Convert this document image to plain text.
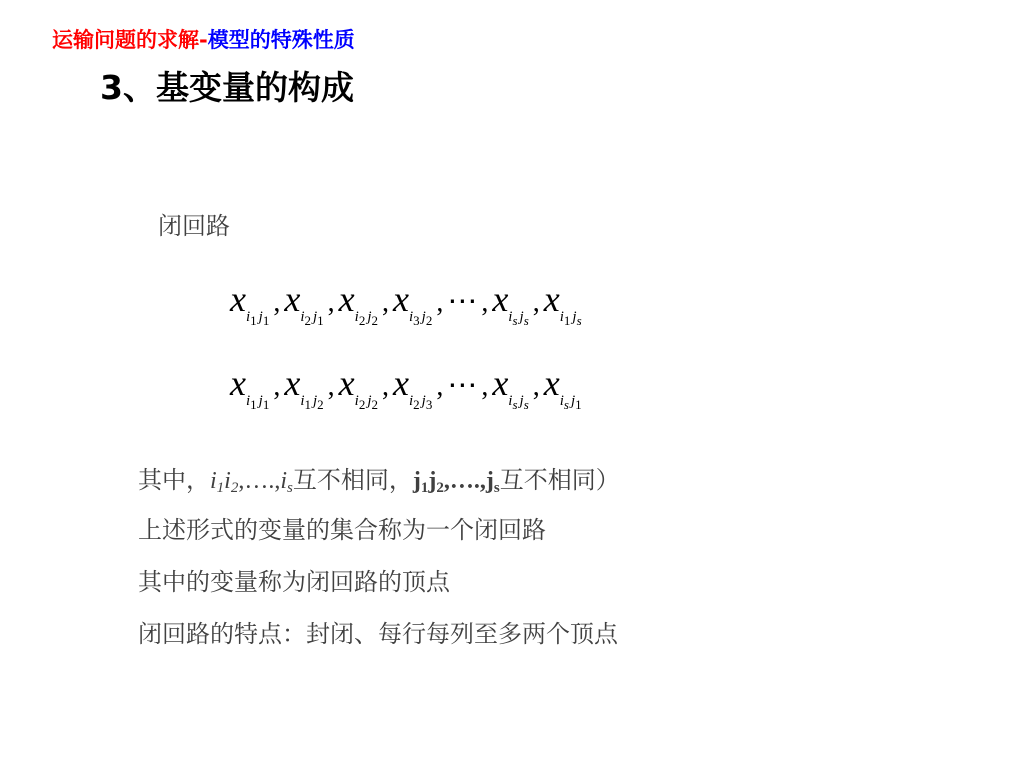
运输问题的求解-模型的特殊性质
3、基变量的构成
闭回路
$x_{i1 j1}$, $x_{i2 j1}$, $x_{i2 j2}$, $x_{i3 j2}$, ⋯ , $x_{is js}$, $x_{i1 js}$
$x_{i1 j1}$, $x_{i1 j2}$, $x_{i2 j2}$, $x_{i2 j3}$, ⋯ , $x_{is js}$, $x_{is j1}$
其中，i1i2,….,is互不相同，j1j2,….,js互不相同）
上述形式的变量的集合称为一个闭回路
其中的变量称为闭回路的顶点
闭回路的特点：封闭、每行每列至多两个顶点
